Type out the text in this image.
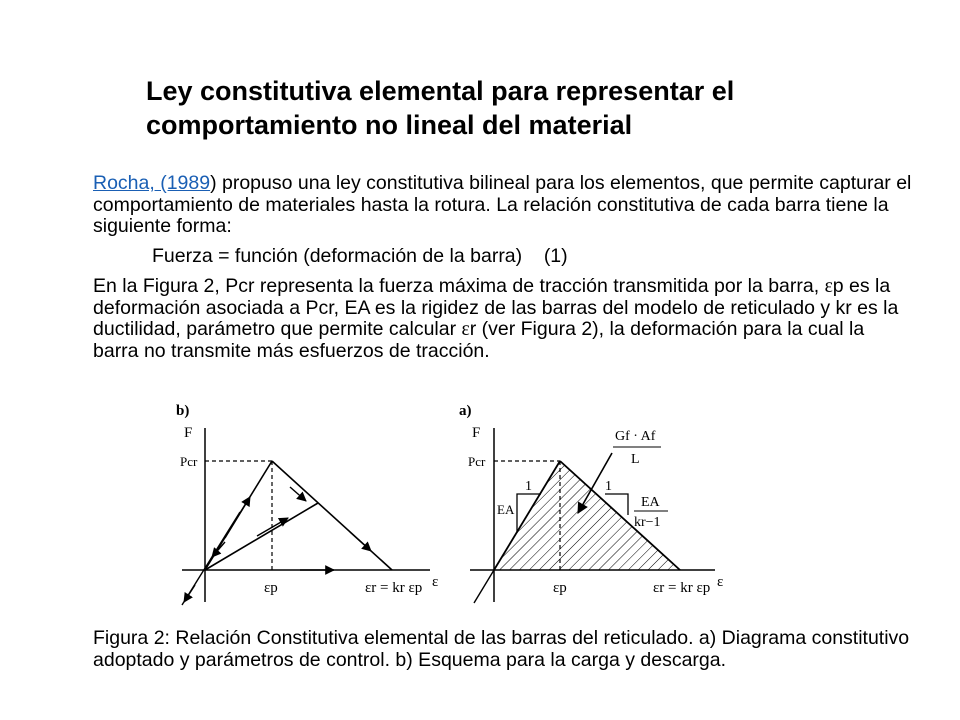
Ley constitutiva elemental para representar el
comportamiento no lineal del material
Rocha, (1989) propuso una ley constitutiva bilineal para los elementos, que permite capturar el comportamiento de materiales hasta la rotura. La relación constitutiva de cada barra tiene la siguiente forma:
Fuerza = función (deformación de la barra)    (1)
En la Figura 2, Pcr representa la fuerza máxima de tracción transmitida por la barra, εp es la deformación asociada a Pcr, EA es la rigidez de las barras del modelo de reticulado y kr es la ductilidad, parámetro que permite calcular εr (ver Figura 2), la deformación para la cual la barra no transmite más esfuerzos de tracción.
b)
F
Pcr
εp	εr = kr εp ε
a)
F
Pcr
1	1
EA
Gf · Af
L
EA
kr−1
εp	εr = kr εp ε
Figura 2: Relación Constitutiva elemental de las barras del reticulado. a) Diagrama constitutivo adoptado y parámetros de control. b) Esquema para la carga y descarga.
